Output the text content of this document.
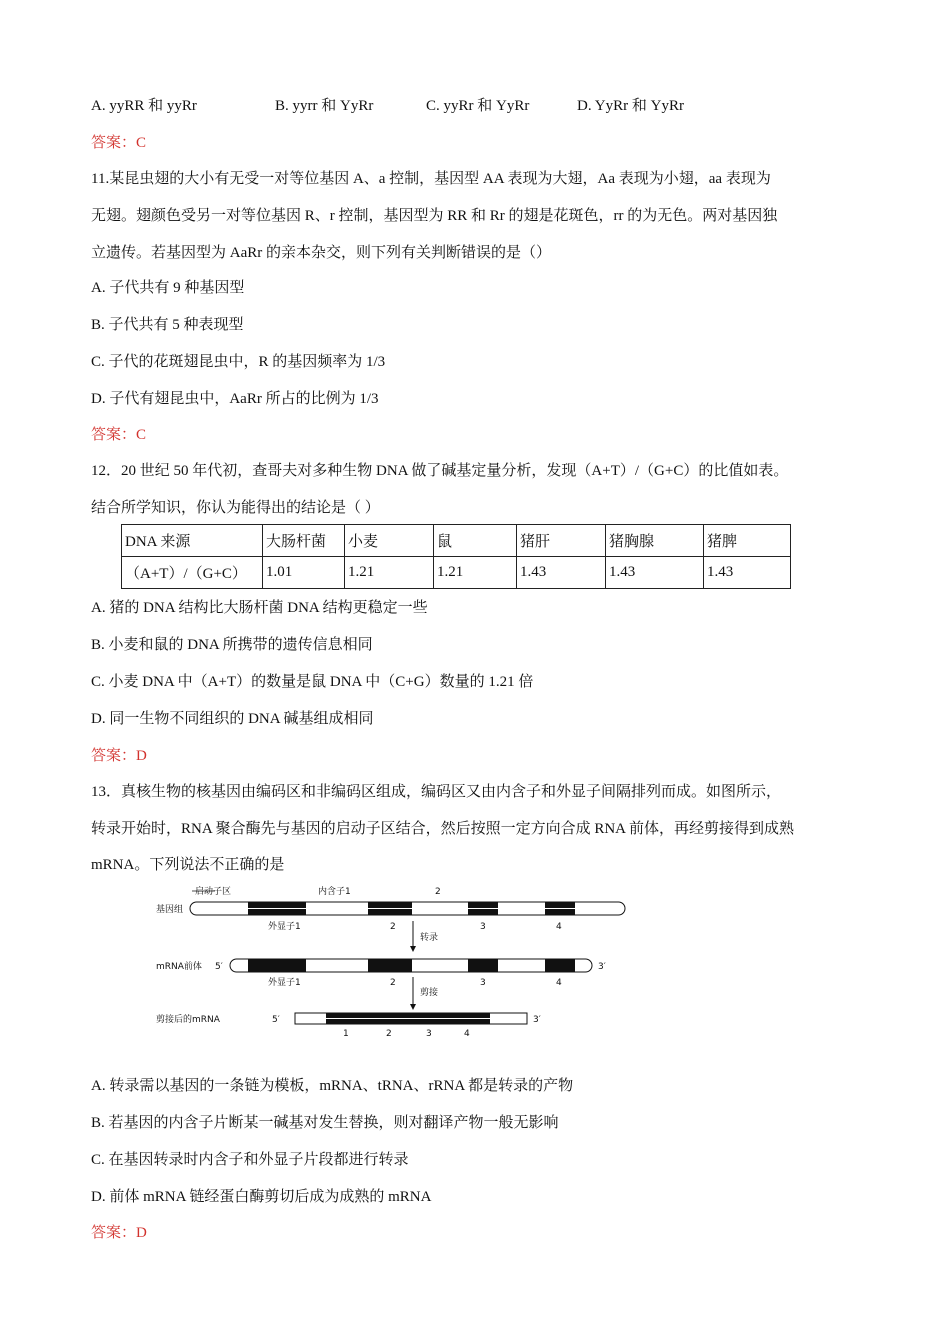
A. yyRR 和 yyRr	B. yyrr 和 YyRr	C. yyRr 和 YyRr	D. YyRr 和 YyRr
答案：C
11.某昆虫翅的大小有无受一对等位基因 A、a 控制，基因型 AA 表现为大翅，Aa 表现为小翅，aa 表现为
无翅。翅颜色受另一对等位基因 R、r 控制，基因型为 RR 和 Rr 的翅是花斑色，rr 的为无色。两对基因独
立遗传。若基因型为 AaRr 的亲本杂交，则下列有关判断错误的是（）
A. 子代共有 9 种基因型
B. 子代共有 5 种表现型
C. 子代的花斑翅昆虫中，R 的基因频率为 1/3
D. 子代有翅昆虫中，AaRr 所占的比例为 1/3
答案：C
12．20 世纪 50 年代初，查哥夫对多种生物 DNA 做了碱基定量分析，发现（A+T）/（G+C）的比值如表。
结合所学知识，你认为能得出的结论是（ ）
DNA 来源	大肠杆菌	小麦	鼠	猪肝	猪胸腺	猪脾
（A+T）/（G+C）	1.01	1.21	1.21	1.43	1.43	1.43
A. 猪的 DNA 结构比大肠杆菌 DNA 结构更稳定一些
B. 小麦和鼠的 DNA 所携带的遗传信息相同
C. 小麦 DNA 中（A+T）的数量是鼠 DNA 中（C+G）数量的 1.21 倍
D. 同一生物不同组织的 DNA 碱基组成相同
答案：D
13．真核生物的核基因由编码区和非编码区组成，编码区又由内含子和外显子间隔排列而成。如图所示，
转录开始时，RNA 聚合酶先与基因的启动子区结合，然后按照一定方向合成 RNA 前体，再经剪接得到成熟
mRNA。下列说法不正确的是
启动子区	内含子1	2
基因组
外显子1	2	3	4
转录
mRNA前体 5′	3′
外显子1	2	3	4
剪接
剪接后的mRNA	5′	3′
1	2	3	4
A. 转录需以基因的一条链为模板，mRNA、tRNA、rRNA 都是转录的产物
B. 若基因的内含子片断某一碱基对发生替换，则对翻译产物一般无影响
C. 在基因转录时内含子和外显子片段都进行转录
D. 前体 mRNA 链经蛋白酶剪切后成为成熟的 mRNA
答案：D
